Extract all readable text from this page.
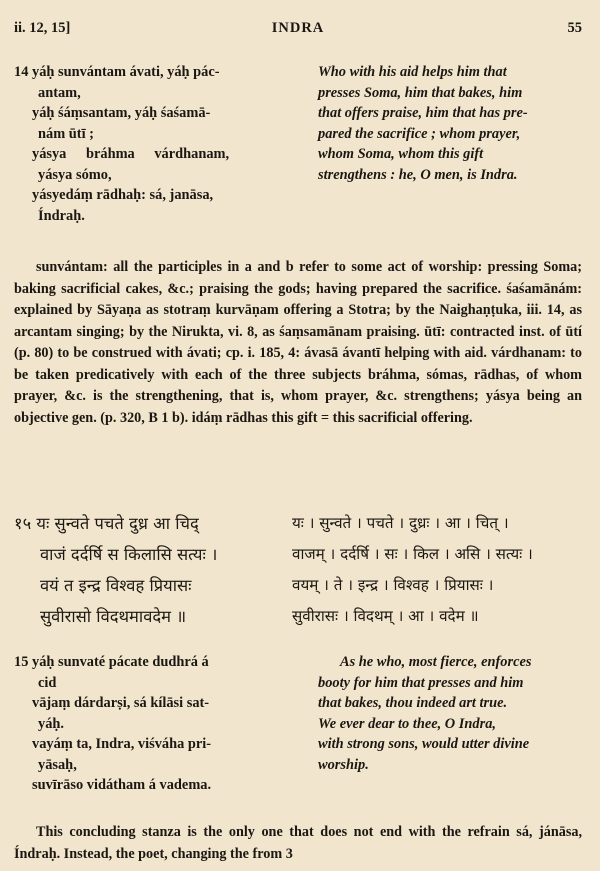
ii. 12, 15]	INDRA	55
14 yáḥ sunvántam ávati, yáḥ pác-
antam,
yáḥ śáṃsantam, yáḥ śaśamā-
nám ūtī ;
yásya bráhma várdhanam,
yásya sómo,
yásyedáṃ rādhaḥ: sá, janāsa,
Índraḥ.
Who with his aid helps him that
presses Soma, him that bakes, him
that offers praise, him that has pre-
pared the sacrifice ; whom prayer,
whom Soma, whom this gift
strengthens : he, O men, is Indra.

sunvántam: all the participles in a and b refer to some act of worship: pressing Soma; baking sacrificial cakes, &c.; praising the gods; having prepared the sacrifice. śaśamānám: explained by Sāyaṇa as stotraṃ kurvāṇam offering a Stotra; by the Naighaṇṭuka, iii. 14, as arcantam singing; by the Nirukta, vi. 8, as śaṃsamānam praising. ūtī: contracted inst. of ūtí (p. 80) to be construed with ávati; cp. i. 185, 4: ávasā ávantī helping with aid. várdhanam: to be taken predicatively with each of the three subjects bráhma, sómas, rādhas, of whom prayer, &c. is the strengthening, that is, whom prayer, &c. strengthens; yásya being an objective gen. (p. 320, B 1 b). idáṃ rādhas this gift = this sacrificial offering.

१५ यः सुन्वते पचते दुध्र आ चिद्
वाजं दर्दर्षि स किलासि सत्यः ।
वयं त इन्द्र विश्वह प्रियासः
सुवीरासो विदथमावदेम ॥
यः । सुन्वते । पचते । दुध्रः । आ । चित् ।
वाजम् । दर्दर्षि । सः । किल । असि । सत्यः ।
वयम् । ते । इन्द्र । विश्वह । प्रियासः ।
सुवीरासः । विदथम् । आ । वदेम ॥
15 yáḥ sunvaté pácate dudhrá á
cid
vājaṃ dárdarṣi, sá kílāsi sat-
yáḥ.
vayáṃ ta, Indra, viśváha pri-
yāsaḥ,
suvīrāso vidátham á vadema.
As he who, most fierce, enforces
booty for him that presses and him
that bakes, thou indeed art true.
We ever dear to thee, O Indra,
with strong sons, would utter divine
worship.

This concluding stanza is the only one that does not end with the refrain sá, jánāsa, Índraḥ. Instead, the poet, changing the from 3
